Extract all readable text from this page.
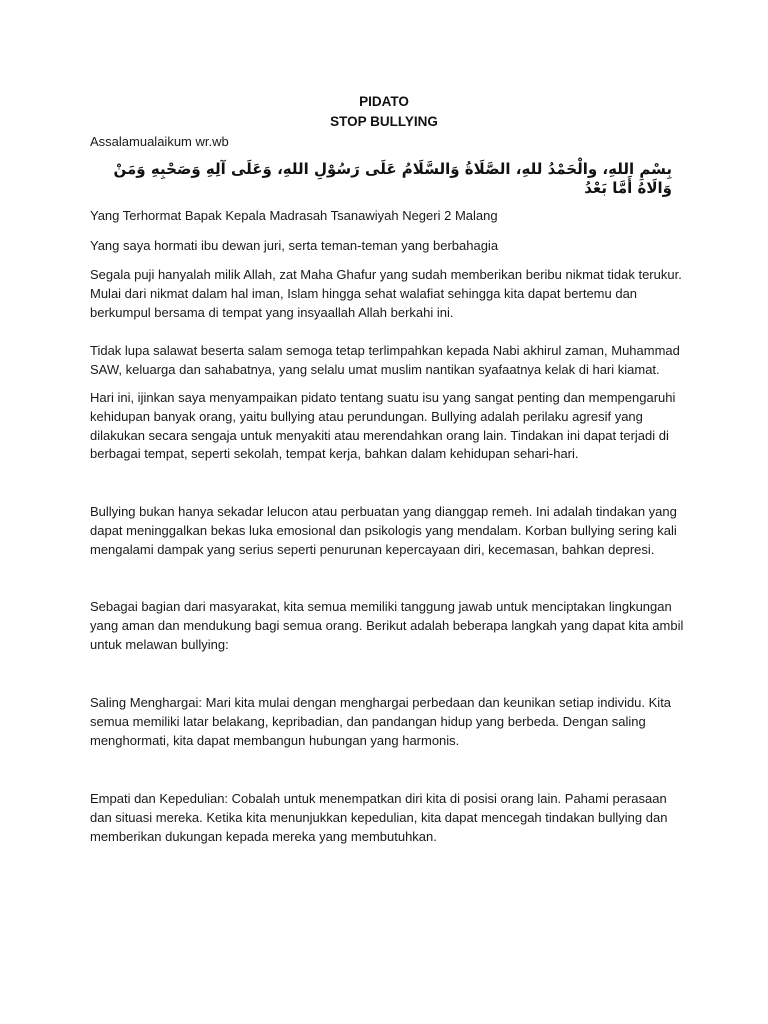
PIDATO
STOP BULLYING
Assalamualaikum wr.wb
بِسْمِ اللهِ، والْحَمْدُ للهِ، الصَّلَاةُ وَالسَّلَامُ عَلَى رَسُوْلِ اللهِ، وَعَلَى آلِهِ وَصَحْبِهِ وَمَنْ وَالَاهُ أَمَّا بَعْدُ
Yang Terhormat Bapak Kepala Madrasah Tsanawiyah Negeri 2 Malang
Yang saya hormati ibu dewan juri, serta teman-teman yang berbahagia
Segala puji hanyalah milik Allah, zat Maha Ghafur yang sudah memberikan beribu nikmat tidak terukur. Mulai dari nikmat dalam hal iman, Islam hingga sehat walafiat sehingga kita dapat bertemu dan berkumpul bersama di tempat yang insyaallah Allah berkahi ini.
Tidak lupa salawat beserta salam semoga tetap terlimpahkan kepada Nabi akhirul zaman, Muhammad SAW, keluarga dan sahabatnya, yang selalu umat muslim nantikan syafaatnya kelak di hari kiamat.
Hari ini, ijinkan saya menyampaikan pidato tentang suatu isu yang sangat penting dan mempengaruhi kehidupan banyak orang, yaitu bullying atau perundungan. Bullying adalah perilaku agresif yang dilakukan secara sengaja untuk menyakiti atau merendahkan orang lain. Tindakan ini dapat terjadi di berbagai tempat, seperti sekolah, tempat kerja, bahkan dalam kehidupan sehari-hari.
Bullying bukan hanya sekadar lelucon atau perbuatan yang dianggap remeh. Ini adalah tindakan yang dapat meninggalkan bekas luka emosional dan psikologis yang mendalam. Korban bullying sering kali mengalami dampak yang serius seperti penurunan kepercayaan diri, kecemasan, bahkan depresi.
Sebagai bagian dari masyarakat, kita semua memiliki tanggung jawab untuk menciptakan lingkungan yang aman dan mendukung bagi semua orang. Berikut adalah beberapa langkah yang dapat kita ambil untuk melawan bullying:
Saling Menghargai: Mari kita mulai dengan menghargai perbedaan dan keunikan setiap individu. Kita semua memiliki latar belakang, kepribadian, dan pandangan hidup yang berbeda. Dengan saling menghormati, kita dapat membangun hubungan yang harmonis.
Empati dan Kepedulian: Cobalah untuk menempatkan diri kita di posisi orang lain. Pahami perasaan dan situasi mereka. Ketika kita menunjukkan kepedulian, kita dapat mencegah tindakan bullying dan memberikan dukungan kepada mereka yang membutuhkan.
